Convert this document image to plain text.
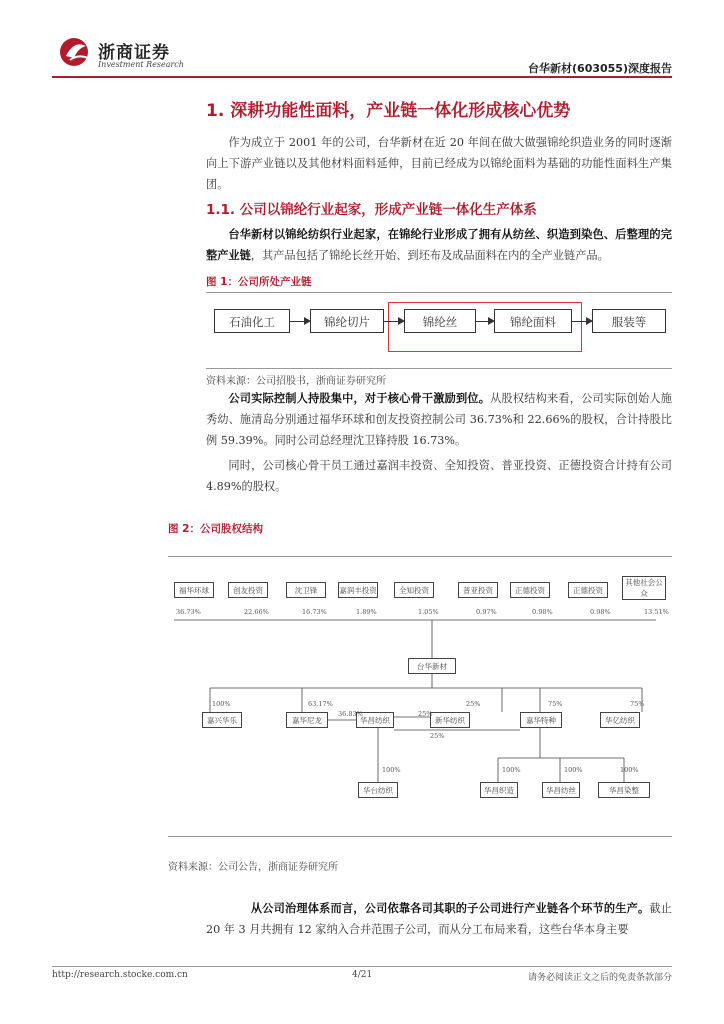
浙商证券
Investment Research	台华新材(603055)深度报告
1. 深耕功能性面料，产业链一体化形成核心优势
作为成立于 2001 年的公司，台华新材在近 20 年间在做大做强锦纶织造业务的同时逐渐向上下游产业链以及其他材料面料延伸，目前已经成为以锦纶面料为基础的功能性面料生产集团。
1.1. 公司以锦纶行业起家，形成产业链一体化生产体系
台华新材以锦纶纺织行业起家，在锦纶行业形成了拥有从纺丝、织造到染色、后整理的完整产业链，其产品包括了锦纶长丝开始、到坯布及成品面料在内的全产业链产品。
图 1：公司所处产业链
石油化工	锦纶切片	锦纶丝	锦纶面料	服装等
资料来源：公司招股书，浙商证券研究所
公司实际控制人持股集中，对于核心骨干激励到位。从股权结构来看，公司实际创始人施秀幼、施清岛分别通过福华环球和创友投资控制公司 36.73%和 22.66%的股权，合计持股比例 59.39%。同时公司总经理沈卫锋持股 16.73%。
同时，公司核心骨干员工通过嘉润丰投资、全知投资、普亚投资、正德投资合计持有公司 4.89%的股权。
图 2：公司股权结构
福华环球	创友投资	沈卫锋	嘉润丰投资	全知投资	普亚投资	正德投资	正德投资
其他社会公众
36.73%	22.66%	16.73%	1.89%	1.05%	0.97%	0.98%	0.98%	13.51%
台华新材
嘉兴华乐	嘉华尼龙	华昌纺织	新华纺织	嘉华特种	华亿纺织
100%	63.17%
36.83%	25%
25%	75%	75%
25%
100%	100%	100%	100%
华台纺织	华昌织造	华昌纺丝	华昌染整
资料来源：公司公告，浙商证券研究所
从公司治理体系而言，公司依靠各司其职的子公司进行产业链各个环节的生产。截止 20 年 3 月共拥有 12 家纳入合并范围子公司，而从分工布局来看，这些台华本身主要
http://research.stocke.com.cn	4/21	请务必阅读正文之后的免责条款部分
